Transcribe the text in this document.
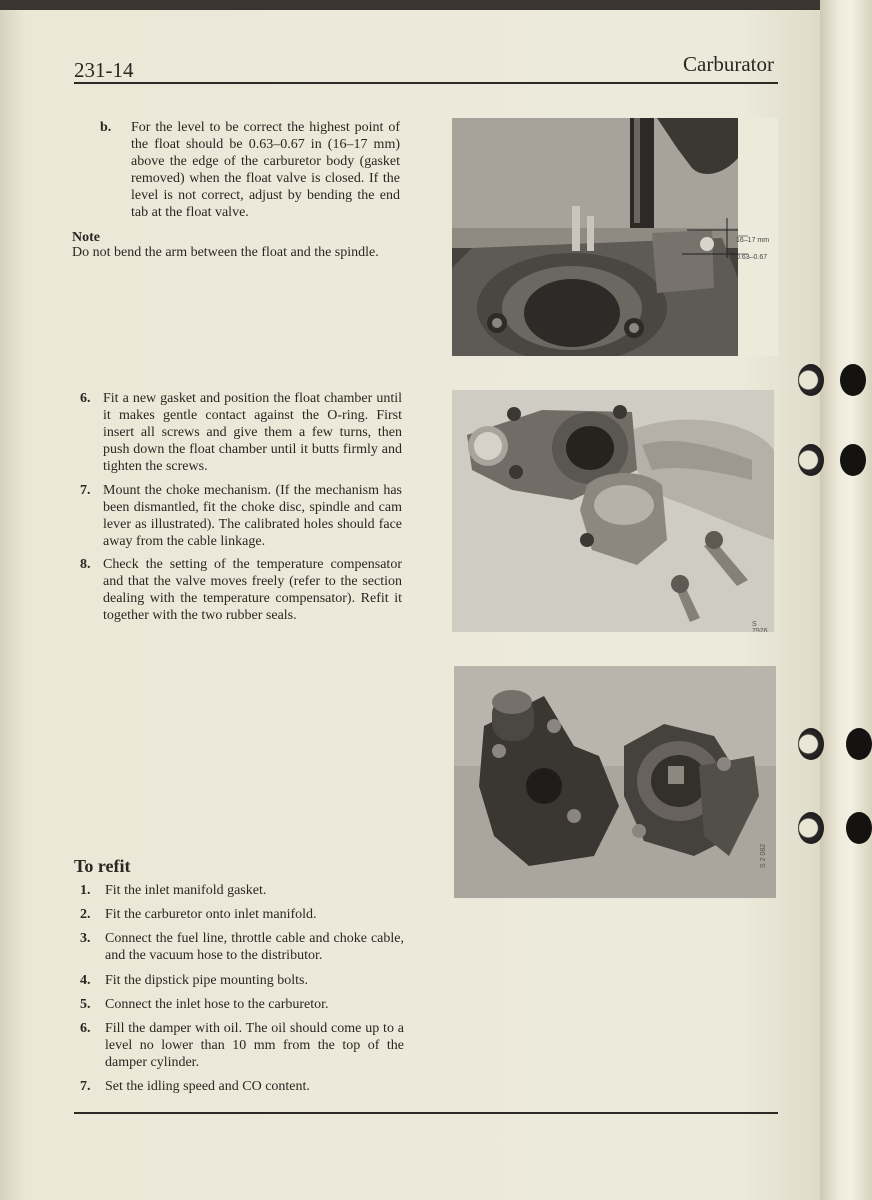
231-14	Carburator
b. For the level to be correct the highest point of the float should be 0.63–0.67 in (16–17 mm) above the edge of the carburetor body (gasket removed) when the float valve is closed. If the level is not correct, adjust by bending the end tab at the float valve.
Note
Do not bend the arm between the float and the spindle.
6. Fit a new gasket and position the float chamber until it makes gentle contact against the O-ring. First insert all screws and give them a few turns, then push down the float chamber until it butts firmly and tighten the screws.
7. Mount the choke mechanism. (If the mechanism has been dismantled, fit the choke disc, spindle and cam lever as illustrated). The calibrated holes should face away from the cable linkage.
8. Check the setting of the temperature compensator and that the valve moves freely (refer to the section dealing with the temperature compensator). Refit it together with the two rubber seals.
To refit
1. Fit the inlet manifold gasket.
2. Fit the carburetor onto inlet manifold.
3. Connect the fuel line, throttle cable and choke cable, and the vacuum hose to the distributor.
4. Fit the dipstick pipe mounting bolts.
5. Connect the inlet hose to the carburetor.
6. Fill the damper with oil. The oil should come up to a level no lower than 10 mm from the top of the damper cylinder.
7. Set the idling speed and CO content.
16–17 mm
0.63–0.67
S 7926
S 2 082
